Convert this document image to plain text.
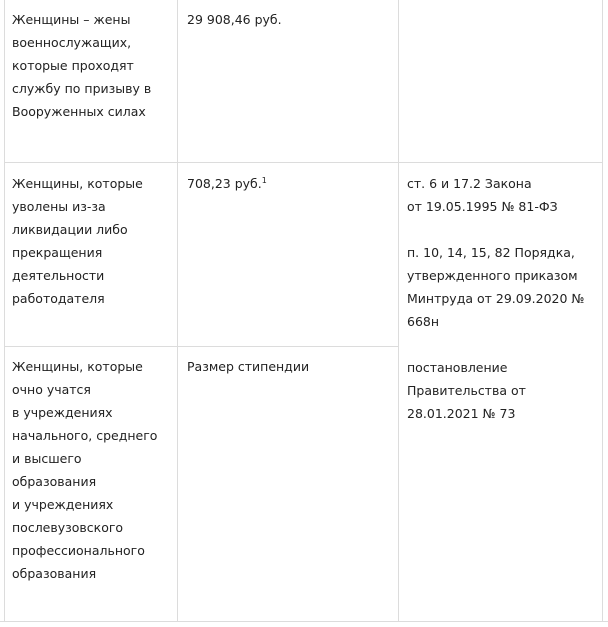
Женщины – жены
военнослужащих,
которые проходят
службу по призыву в
Вооруженных силах

29 908,46 руб.

Женщины, которые
уволены из-за
ликвидации либо
прекращения
деятельности
работодателя

708,23 руб.$^1$

Женщины, которые
очно учатся
в учреждениях
начального, среднего
и высшего
образования
и учреждениях
послевузовского
профессионального
образования

Размер стипендии

ст. 6 и 17.2 Закона
от 19.05.1995 № 81-ФЗ

п. 10, 14, 15, 82 Порядка,
утвержденного приказом
Минтруда от 29.09.2020 №
668н

постановление
Правительства от
28.01.2021 № 73
